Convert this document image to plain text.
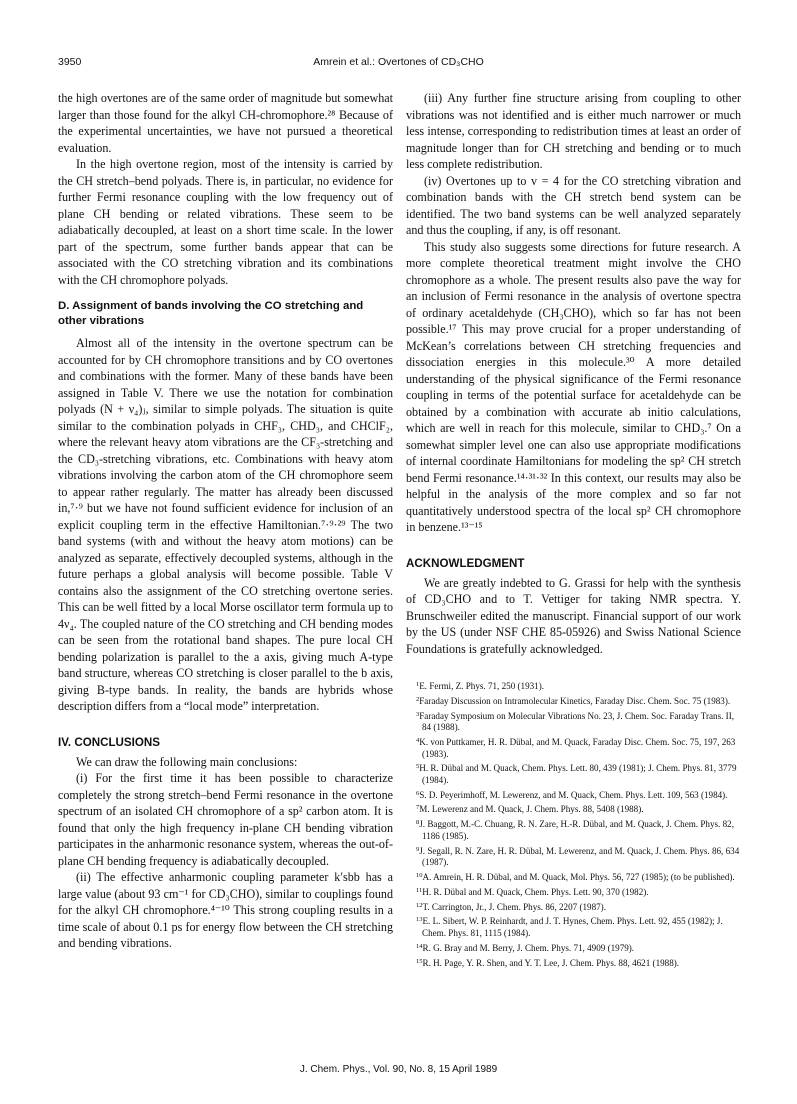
3950	Amrein et al.: Overtones of CD₃CHO

the high overtones are of the same order of magnitude but somewhat larger than those found for the alkyl CH-chromophore.²⁸ Because of the experimental uncertainties, we have not pursued a theoretical evaluation.

In the high overtone region, most of the intensity is carried by the CH stretch–bend polyads. There is, in particular, no evidence for further Fermi resonance coupling with the low frequency out of plane CH bending or related vibrations. These seem to be adiabatically decoupled, at least on a short time scale. In the lower part of the spectrum, some further bands appear that can be associated with the CO stretching vibration and its combinations with the CH chromophore polyads.

D. Assignment of bands involving the CO stretching and other vibrations

Almost all of the intensity in the overtone spectrum can be accounted for by CH chromophore transitions and by CO overtones and combinations with the former. Many of these bands have been assigned in Table V. There we use the notation for combination polyads (N + ν₄)ⱼ, similar to simple polyads. The situation is quite similar to the combination polyads in CHF₃, CHD₃, and CHClF₂, where the relevant heavy atom vibrations are the CF₃-stretching and the CD₃-stretching vibrations, etc. Combinations with heavy atom vibrations involving the carbon atom of the CH chromophore seem to appear rather regularly. The matter has already been discussed in,⁷·⁹ but we have not found sufficient evidence for inclusion of an explicit coupling term in the effective Hamiltonian.⁷·⁹·²⁹ The two band systems (with and without the heavy atom motions) can be analyzed as separate, effectively decoupled systems, although in the future perhaps a global analysis will become possible. Table V contains also the assignment of the CO stretching overtone series. This can be well fitted by a local Morse oscillator term formula up to 4ν₄. The coupled nature of the CO stretching and CH bending modes can be seen from the rotational band shapes. The pure local CH bending polarization is parallel to the a axis, giving much A-type band structure, whereas CO stretching is closer parallel to the b axis, giving B-type bands. In reality, the bands are hybrids whose description differs from a “local mode” interpretation.

IV. CONCLUSIONS

We can draw the following main conclusions:

(i) For the first time it has been possible to characterize completely the strong stretch–bend Fermi resonance in the overtone spectrum of an isolated CH chromophore of a sp² carbon atom. It is found that only the high frequency in-plane CH bending vibration participates in the anharmonic resonance system, whereas the out-of-plane CH bending frequency is adiabatically decoupled.

(ii) The effective anharmonic coupling parameter k′sbb has a large value (about 93 cm⁻¹ for CD₃CHO), similar to couplings found for the alkyl CH chromophore.⁴⁻¹⁰ This strong coupling results in a time scale of about 0.1 ps for energy flow between the CH stretching and bending vibrations.

(iii) Any further fine structure arising from coupling to other vibrations was not identified and is either much narrower or much less intense, corresponding to redistribution times at least an order of magnitude longer than for CH stretching and bending or to much less complete redistribution.

(iv) Overtones up to v = 4 for the CO stretching vibration and combination bands with the CH stretch bend system can be identified. The two band systems can be well analyzed separately and thus the coupling, if any, is off resonant.

This study also suggests some directions for future research. A more complete theoretical treatment might involve the CHO chromophore as a whole. The present results also pave the way for an inclusion of Fermi resonance in the analysis of overtone spectra of ordinary acetaldehyde (CH₃CHO), which so far has not been possible.¹⁷ This may prove crucial for a proper understanding of McKean’s correlations between CH stretching frequencies and dissociation energies in this molecule.³⁰ A more detailed understanding of the physical significance of the Fermi resonance coupling in terms of the potential surface for acetaldehyde can be obtained by a combination with accurate ab initio calculations, which are well in reach for this molecule, similar to CHD₃.⁷ On a somewhat simpler level one can also use appropriate modifications of internal coordinate Hamiltonians for modeling the sp² CH stretch bend Fermi resonance.¹⁴·³¹·³² In this context, our results may also be helpful in the analysis of the more complex and so far not quantitatively understood spectra of the local sp² CH chromophore in benzene.¹³⁻¹⁵

ACKNOWLEDGMENT

We are greatly indebted to G. Grassi for help with the synthesis of CD₃CHO and to T. Vettiger for taking NMR spectra. Y. Brunschweiler edited the manuscript. Financial support of our work by the US (under NSF CHE 85-05926) and Swiss National Science Foundations is gratefully acknowledged.

$^1$E. Fermi, Z. Phys. 71, 250 (1931).
$^2$Faraday Discussion on Intramolecular Kinetics, Faraday Disc. Chem. Soc. 75 (1983).
$^3$Faraday Symposium on Molecular Vibrations No. 23, J. Chem. Soc. Faraday Trans. II, 84 (1988).
$^4$K. von Puttkamer, H. R. Dübal, and M. Quack, Faraday Disc. Chem. Soc. 75, 197, 263 (1983).
$^5$H. R. Dübal and M. Quack, Chem. Phys. Lett. 80, 439 (1981); J. Chem. Phys. 81, 3779 (1984).
$^6$S. D. Peyerimhoff, M. Lewerenz, and M. Quack, Chem. Phys. Lett. 109, 563 (1984).
$^7$M. Lewerenz and M. Quack, J. Chem. Phys. 88, 5408 (1988).
$^8$J. Baggott, M.-C. Chuang, R. N. Zare, H.-R. Dübal, and M. Quack, J. Chem. Phys. 82, 1186 (1985).
$^9$J. Segall, R. N. Zare, H. R. Dübal, M. Lewerenz, and M. Quack, J. Chem. Phys. 86, 634 (1987).
$^{10}$A. Amrein, H. R. Dübal, and M. Quack, Mol. Phys. 56, 727 (1985); (to be published).
$^{11}$H. R. Dübal and M. Quack, Chem. Phys. Lett. 90, 370 (1982).
$^{12}$T. Carrington, Jr., J. Chem. Phys. 86, 2207 (1987).
$^{13}$E. L. Sibert, W. P. Reinhardt, and J. T. Hynes, Chem. Phys. Lett. 92, 455 (1982); J. Chem. Phys. 81, 1115 (1984).
$^{14}$R. G. Bray and M. Berry, J. Chem. Phys. 71, 4909 (1979).
$^{15}$R. H. Page, Y. R. Shen, and Y. T. Lee, J. Chem. Phys. 88, 4621 (1988).
J. Chem. Phys., Vol. 90, No. 8, 15 April 1989
